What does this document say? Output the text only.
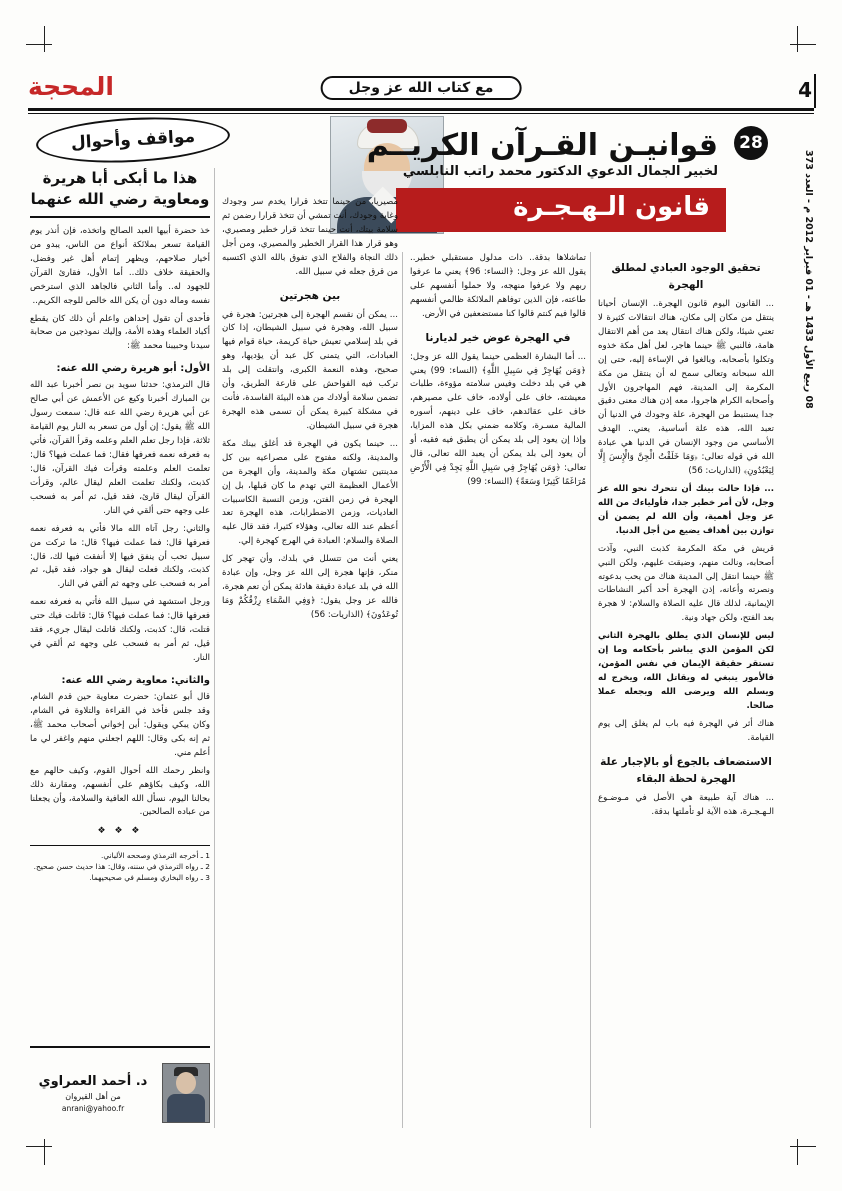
المحجة	مع كتاب الله عز وجل	4
مواقف وأحوال
08 ربيع الأول 1433 هـ - 01 فبراير 2012 م - العدد 373
28
قوانيـن القـرآن الكريــم
لخبير الجمال الدعوي الدكتور محمد راتب النابلسي
قانون الـهـجـرة
هذا ما أبكى أبا هريرة
ومعاوية رضي الله عنهما

خذ حضرة أبيها العبد الصالح واتخذه، فإن أنذر يوم القيامة تسعر بملائكة أنواع من الناس، يبدو من أخيار صلاحهم، ويظهر إتمام أهل غير وفضل، والحقيقة خلاف ذلك.. أما الأول، فقارئ القرآن للجهود له.. وأما الثاني فالجاهد الذي استرخص نفسه وماله دون أن يكن الله خالص للوجه الكريم..

فأحدى أن تقول إحداهن واعلم أن ذلك كان يقطع أكباد العلماء وهذه الأمة، وإليك نموذجين من صحابة سيدنا وحبيبنا محمد ﷺ:

الأول: أبو هريرة رضي الله عنه:

قال الترمذي: حدثنا سويد بن نصر أخبرنا عبد الله بن المبارك أخبرنا وكيع عن الأعمش عن أبي صالح عن أبي هريرة رضي الله عنه قال: سمعت رسول الله ﷺ يقول: إن أول من تسعر به النار يوم القيامة ثلاثة، فإذا رجل تعلم العلم وعلمه وقرأ القرآن، فأتي به فعرفه نعمه فعرفها فقال: فما عملت فيها؟ قال: تعلمت العلم وعلمته وقرأت فيك القرآن، قال: كذبت، ولكنك تعلمت العلم ليقال عالم، وقرأت القرآن ليقال قارئ، فقد قيل، ثم أمر به فسحب على وجهه حتى ألقي في النار.

والثاني: رجل آتاه الله مالا فأتي به فعرفه نعمه فعرفها قال: فما عملت فيها؟ قال: ما تركت من سبيل تحب أن ينفق فيها إلا أنفقت فيها لك، قال: كذبت، ولكنك فعلت ليقال هو جواد، فقد قيل، ثم أمر به فسحب على وجهه ثم ألقي في النار.

ورجل استشهد في سبيل الله فأتي به فعرفه نعمه فعرفها قال: فما عملت فيها؟ قال: قاتلت فيك حتى قتلت، قال: كذبت، ولكنك قاتلت ليقال جريء، فقد قيل، ثم أمر به فسحب على وجهه ثم ألقي في النار.

والثاني: معاوية رضي الله عنه:

قال أبو عثمان: حضرت معاوية حين قدم الشام، وقد جلس فأخذ في القراءة والتلاوة في الشام، وكان يبكي ويقول: أين إخواني أصحاب محمد ﷺ، ثم إنه بكى وقال: اللهم اجعلني منهم واغفر لي ما أعلم مني.

وانظر رحمك الله أحوال القوم، وكيف حالهم مع الله، وكيف بكاؤهم على أنفسهم، ومقارنة ذلك بحالنا اليوم، نسأل الله العافية والسلامة، وأن يجعلنا من عباده الصالحين.

❖ ❖ ❖
1 ـ أخرجه الترمذي وصححه الألباني.
2 ـ رواه الترمذي في سننه، وقال: هذا حديث حسن صحيح.
3 ـ رواه البخاري ومسلم في صحيحيهما.
د. أحمد العمراوي
من أهل القيروان
anrani@yahoo.fr

مصيريا، من حينما تتخذ قرارا يخدم سر وجودك وغاية وجودك، أنت تمشي أن تتخذ قرارا رضمن ثم سلامة بيتك، أنت حينما تتخذ قرار خطير ومصيري، وهو قرار هذا القرار الخطير والمصيري، ومن أجل ذلك النجاة والفلاح الذي تفوق بالله الذي اكتسبه من قرق جعله في سبيل الله.

بين هجرتين

... يمكن أن نقسم الهجرة إلى هجرتين: هجرة في سبيل الله، وهجرة في سبيل الشيطان، إذا كان في بلد إسلامي تعيش حياة كريمة، حياة قوام فيها العبادات، التي يتمنى كل عبد أن يؤديها، وهو صحيح، وهذه النعمة الكبرى، وانتقلت إلى بلد تركب فيه الفواحش على قارعة الطريق، وأن تضمن سلامة أولادك من هذه البيئة الفاسدة، فأنت في مشكلة كبيرة يمكن أن تسمى هذه الهجرة هجرة في سبيل الشيطان.

... حينما يكون في الهجرة قد أغلق بينك مكة والمدينة، ولكنه مفتوح على مصراعيه بين كل مدينتين تشتهان مكة والمدينة، وأن الهجرة من الأعمال العظيمة التي تهدم ما كان قبلها، بل إن الهجرة في زمن الفتن، وزمن النسبة الكاسبيات العاديات، وزمن الاضطرابات، هذه الهجرة تعد أعظم عند الله تعالى، وهؤلاء كثيرا، فقد قال عليه الصلاة والسلام: العبادة في الهرج كهجرة إلي.

يعني أنت من تتسلل في بلدك، وأن تهجر كل منكر، فإنها هجرة إلى الله عز وجل، وإن عبادة الله في بلد عبادة دقيقة هادئة يمكن أن تعم هجرة، فالله عز وجل يقول: ﴿وَفِي السَّمَاءِ رِزْقُكُمْ وَمَا تُوعَدُونَ﴾ (الذاريات: 56)

تماشلاها بدقة.. ذات مدلول مستقبلي خطير.. يقول الله عز وجل: ﴿النساء: 96﴾ يعني ما عرفوا ربهم ولا عرفوا منهجه، ولا حملوا أنفسهم على طاعته، فإن الذين توفاهم الملائكة ظالمي أنفسهم قالوا فيم كنتم قالوا كنا مستضعفين في الأرض.

في الهجرة عوض خير لديارنا

... أما البشارة العظمى حينما يقول الله عز وجل: ﴿وَمَن يُهَاجِرْ فِي سَبِيلِ اللَّهِ﴾ (النساء: 99) يعني هي في بلد دخلت وفيس سلامته مؤوءة، طلبات معيشته، خاف على أولاده، خاف على مصيرهم، خاف على عقائدهم، خاف على دينهم، أسوره المالية مسـرة، وكلامه ضمني بكل هذه المزايا، وإذا إن يعود إلى بلد يمكن أن يطبق فيه فقيه، أو أن يعود إلى بلد يمكن أن يعبد الله تعالى، قال تعالى: ﴿وَمَن يُهَاجِرْ فِي سَبِيلِ اللَّهِ يَجِدْ فِي الْأَرْضِ مُرَاغَمًا كَثِيرًا وَسَعَةً﴾ (النساء: 99)

تحقيق الوجود العبادي لمطلق الهجرة

... القانون اليوم قانون الهجرة.. الإنسان أحيانا ينتقل من مكان إلى مكان، هناك انتقالات كثيرة لا تعني شيئا، ولكن هناك انتقال يعد من أهم الانتقال هامة، فالنبي ﷺ حينما هاجر، لعل أهل مكة خذوه وتكلوا بأصحابه، وبالغوا في الإساءة إليه، حتى إن الله سبحانه وتعالى سمح له أن ينتقل من مكة المكرمة إلى المدينة، فهم المهاجرون الأول وأصحابه الكرام هاجروا، معه إذن هناك معنى دقيق جدا يستنبط من الهجرة، علة وجودك في الدنيا أن تعبد الله، هذه علة أساسية، يعني.. الهدف الأساسي من وجود الإنسان في الدنيا هي عبادة الله في قوله تعالى: ﴿وَمَا خَلَقْتُ الْجِنَّ وَالْإِنسَ إِلَّا لِيَعْبُدُونِ﴾ (الذاريات: 56)

... فإذا حالت بينك أن تتحرك نحو الله عز وجل، لأن أمر خطير جدا، فأولياءك من الله عز وجل أهمية، وأن الله لم يضمن أن توازن بين أهداف يضيع من أجل الدنيا.

قريش في مكة المكرمة كذبت النبي، وآذت أصحابه، ونالت منهم، وضيقت عليهم، ولكن النبي ﷺ حينما انتقل إلى المدينة هناك من يحب بدعوته ونصرته وأعانه، إذن الهجرة أحد أكبر النشاطات الإيمانية، لذلك قال عليه الصلاة والسلام: لا هجرة بعد الفتح، ولكن جهاد ونية.

ليس للإنسان الذي يطلق بالهجرة الثاني لكن المؤمن الذي يباشر بأحكامه وما إن تستقر حقيقة الإيمان في نفس المؤمن، فالأمور ينبغي له ويقاتل الله، ويخرج له ويسلم الله ويرضى الله ويجعله عملا صالحا.

هناك أثر في الهجرة فيه باب لم يغلق إلى يوم القيامة.

الاستضعاف بالجوع أو بالإجبار علة الهجرة لحظة البقاء

... هناك آية طبيعة هي الأصل في مـوضـوع الـهـجـرة، هذه الآية لو تأملتها بدقة.
